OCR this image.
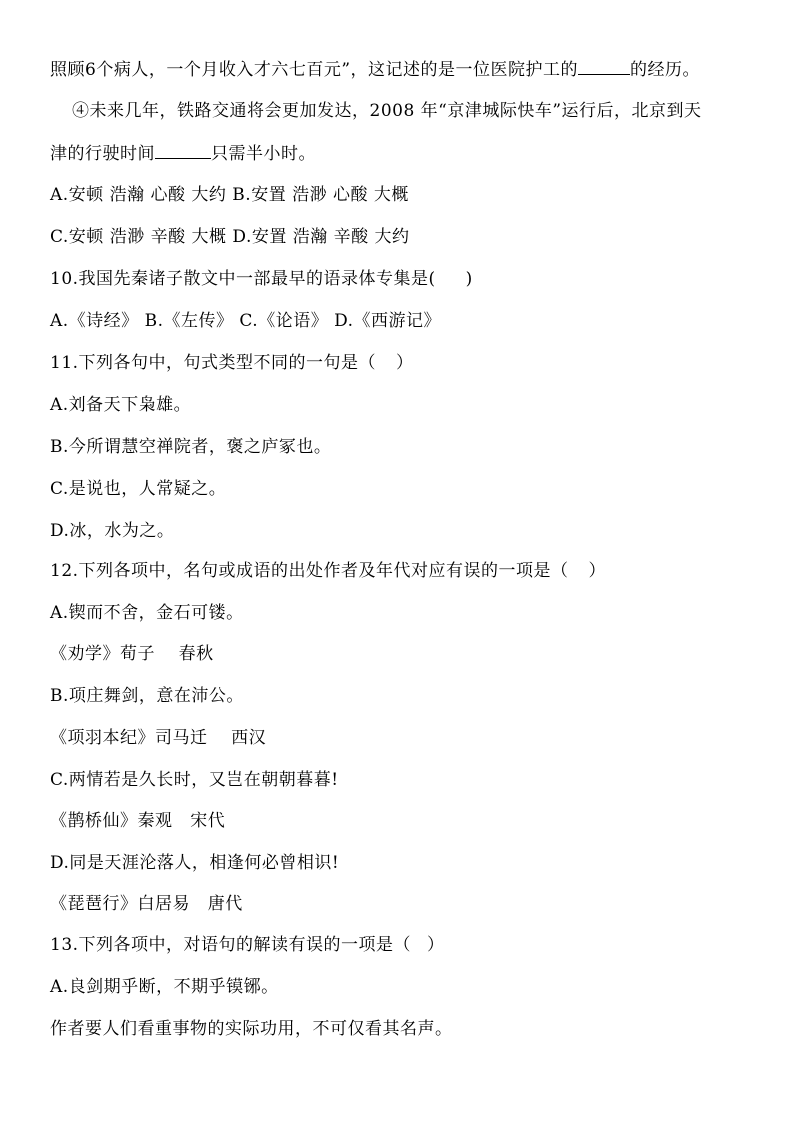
照顾6个病人，一个月收入才六七百元”，这记述的是一位医院护工的	的经历。
④未来几年，铁路交通将会更加发达，2008 年“京津城际快车”运行后，北京到天
津的行驶时间	只需半小时。
A.安顿 浩瀚 心酸 大约 B.安置 浩渺 心酸 大概
C.安顿 浩渺 辛酸 大概 D.安置 浩瀚 辛酸 大约
10.我国先秦诸子散文中一部最早的语录体专集是( )
A.《诗经》 B.《左传》 C.《论语》 D.《西游记》
11.下列各句中，句式类型不同的一句是（ ）
A.刘备天下枭雄。
B.今所谓慧空禅院者，褒之庐冢也。
C.是说也，人常疑之。
D.冰，水为之。
12.下列各项中，名句或成语的出处作者及年代对应有误的一项是（ ）
A.锲而不舍，金石可镂。
《劝学》荀子    春秋
B.项庄舞剑，意在沛公。
《项羽本纪》司马迁    西汉
C.两情若是久长时，又岂在朝朝暮暮!
《鹊桥仙》秦观   宋代
D.同是天涯沦落人，相逢何必曾相识!
《琵琶行》白居易   唐代
13.下列各项中，对语句的解读有误的一项是（ ）
A.良剑期乎断，不期乎镆铘。
作者要人们看重事物的实际功用，不可仅看其名声。
